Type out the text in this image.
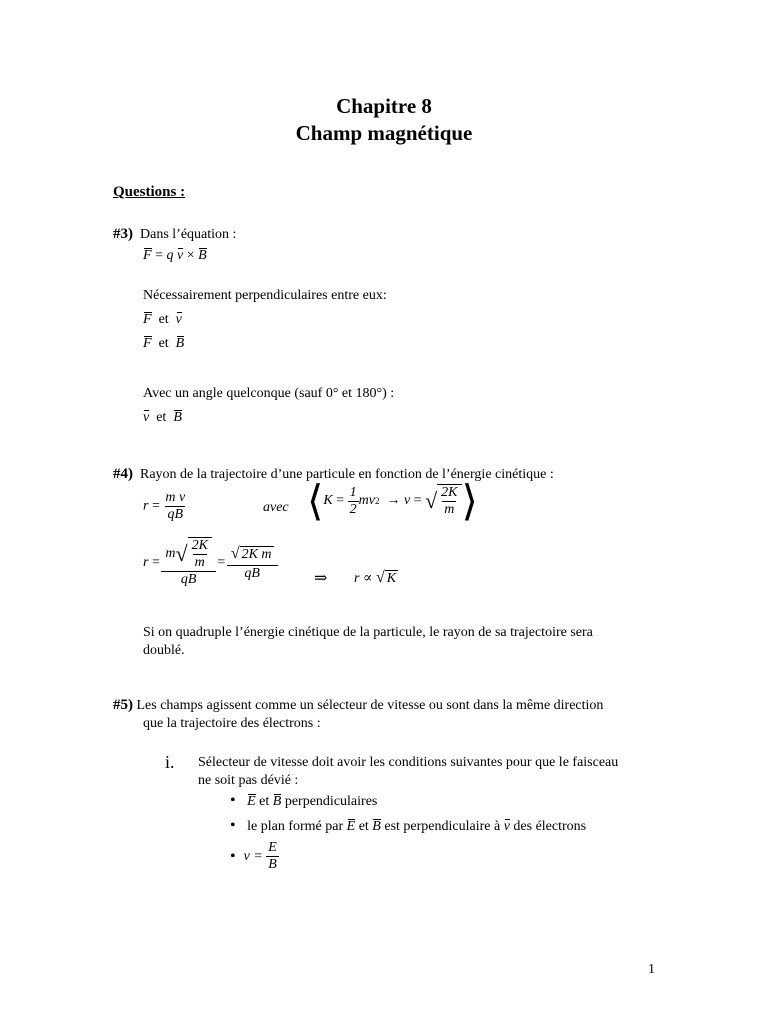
Chapitre 8
Champ magnétique
Questions :
#3) Dans l’équation :
F = q v × B
Nécessairement perpendiculaires entre eux:
F et v
F et B
Avec un angle quelconque (sauf 0° et 180°) :
v et B
#4) Rayon de la trajectoire d’une particule en fonction de l’énergie cinétique :
$r = \frac{\text{m v}}{qB}$	avec ⟨ $K = \frac{1}{2}$ mv 2 → v = √ $\frac{2K}{m}$ ⟩
r =
m √ $\frac{2K}{m}$
qB
= $\frac{\text{√ 2K m}}{qB}$ ⇒ r ∝
√ K
Si on quadruple l’énergie cinétique de la particule, le rayon de sa trajectoire sera
doublé.
#5) Les champs agissent comme un sélecteur de vitesse ou sont dans la même direction
que la trajectoire des électrons :
i. Sélecteur de vitesse doit avoir les conditions suivantes pour que le faisceau
ne soit pas dévié :
• E et B perpendiculaires
• le plan formé par E et B est perpendiculaire à v des électrons
• v =
$\frac{E}{B}$
1
